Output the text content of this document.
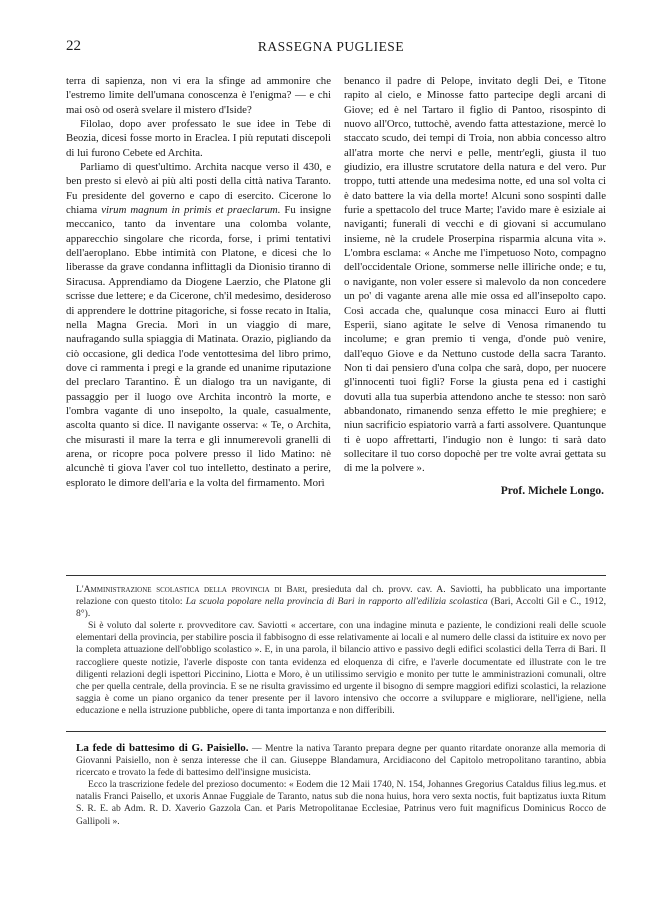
22	RASSEGNA PUGLIESE

terra di sapienza, non vi era la sfinge ad ammonire che l'estremo limite dell'umana conoscenza è l'enigma? — e chi mai osò od oserà svelare il mistero d'Iside?

Filolao, dopo aver professato le sue idee in Tebe di Beozia, dicesi fosse morto in Eraclea. I più reputati discepoli di lui furono Cebete ed Archita.

Parliamo di quest'ultimo. Archita nacque verso il 430, e ben presto si elevò ai più alti posti della città nativa Taranto. Fu presidente del governo e capo di esercito. Cicerone lo chiama virum magnum in primis et praeclarum. Fu insigne meccanico, tanto da inventare una colomba volante, apparecchio singolare che ricorda, forse, i primi tentativi dell'aeroplano. Ebbe intimità con Platone, e dicesi che lo liberasse da grave condanna inflittagli da Dionisio tiranno di Siracusa. Apprendiamo da Diogene Laerzio, che Platone gli scrisse due lettere; e da Cicerone, ch'il medesimo, desideroso di apprendere le dottrine pitagoriche, si fosse recato in Italia, nella Magna Grecia. Morì in un viaggio di mare, naufragando sulla spiaggia di Matinata. Orazio, pigliando da ciò occasione, gli dedica l'ode ventottesima del libro primo, dove ci rammenta i pregi e la grande ed unanime riputazione del preclaro Tarantino. È un dialogo tra un navigante, di passaggio per il luogo ove Archita incontrò la morte, e l'ombra vagante di uno insepolto, la quale, casualmente, ascolta quanto si dice. Il navigante osserva: « Te, o Archita, che misurasti il mare la terra e gli innumerevoli granelli di arena, or ricopre poca polvere presso il lido Matino: nè alcunchè ti giova l'aver col tuo intelletto, destinato a perire, esplorato le dimore dell'aria e la volta del firmamento. Morì

benanco il padre di Pelope, invitato degli Dei, e Titone rapito al cielo, e Minosse fatto partecipe degli arcani di Giove; ed è nel Tartaro il figlio di Pantoo, risospinto di nuovo all'Orco, tuttochè, avendo fatta attestazione, mercè lo staccato scudo, dei tempi di Troia, non abbia concesso altro all'atra morte che nervi e pelle, mentr'egli, giusta il tuo giudizio, era illustre scrutatore della natura e del vero. Pur troppo, tutti attende una medesima notte, ed una sol volta ci è dato battere la via della morte! Alcuni sono sospinti dalle furie a spettacolo del truce Marte; l'avido mare è esiziale ai naviganti; funerali di vecchi e di giovani si accumulano insieme, nè la crudele Proserpina risparmia alcuna vita ». L'ombra esclama: « Anche me l'impetuoso Noto, compagno dell'occidentale Orione, sommerse nelle illiriche onde; e tu, o navigante, non voler essere sì malevolo da non concedere un po' di vagante arena alle mie ossa ed all'insepolto capo. Così accada che, qualunque cosa minacci Euro ai flutti Esperii, siano agitate le selve di Venosa rimanendo tu incolume; e gran premio ti venga, d'onde può venire, dall'equo Giove e da Nettuno custode della sacra Taranto. Non ti dai pensiero d'una colpa che sarà, dopo, per nuocere gl'innocenti tuoi figli? Forse la giusta pena ed i castighi dovuti alla tua superbia attendono anche te stesso: non sarò abbandonato, rimanendo senza effetto le mie preghiere; e niun sacrificio espiatorio varrà a farti assolvere. Quantunque ti è uopo affrettarti, l'indugio non è lungo: ti sarà dato sollecitare il tuo corso dopochè per tre volte avrai gettata su di me la polvere ».

Prof. Michele Longo.

L'Amministrazione scolastica della provincia di Bari, presieduta dal ch. provv. cav. A. Saviotti, ha pubblicato una importante relazione con questo titolo: La scuola popolare nella provincia di Bari in rapporto all'edilizia scolastica (Bari, Accolti Gil e C., 1912, 8°).

Si è voluto dal solerte r. provveditore cav. Saviotti « accertare, con una indagine minuta e paziente, le condizioni reali delle scuole elementari della provincia, per stabilire poscia il fabbisogno di esse relativamente ai locali e al numero delle classi da istituire ex novo per la completa attuazione dell'obbligo scolastico ». E, in una parola, il bilancio attivo e passivo degli edifici scolastici della Terra di Bari. Il raccogliere queste notizie, l'averle disposte con tanta evidenza ed eloquenza di cifre, e l'averle documentate ed illustrate con le tre diligenti relazioni degli ispettori Piccinino, Liotta e Moro, è un utilissimo servigio e monito per tutte le amministrazioni comunali, oltre che per quella centrale, della provincia. E se ne risulta gravissimo ed urgente il bisogno di sempre maggiori edifizi scolastici, la relazione saggia è come un piano organico da tener presente per il lavoro intensivo che occorre a sviluppare e migliorare, nell'igiene, nella educazione e nella istruzione pubbliche, opere di tanta importanza e non differibili.

La fede di battesimo di G. Paisiello. — Mentre la nativa Taranto prepara degne per quanto ritardate onoranze alla memoria di Giovanni Paisiello, non è senza interesse che il can. Giuseppe Blandamura, Arcidiacono del Capitolo metropolitano tarantino, abbia ricercato e trovato la fede di battesimo dell'insigne musicista.

Ecco la trascrizione fedele del prezioso documento: « Eodem die 12 Maii 1740, N. 154, Johannes Gregorius Cataldus filius leg.mus. et natalis Franci Paisello, et uxoris Annae Fuggiale de Taranto, natus sub die nona huius, hora vero sexta noctis, fuit baptizatus iuxta Ritum S. R. E. ab Adm. R. D. Xaverio Gazzola Can. et Paris Metropolitanae Ecclesiae, Patrinus vero fuit magnificus Dominicus Rocco de Gallipoli ».
